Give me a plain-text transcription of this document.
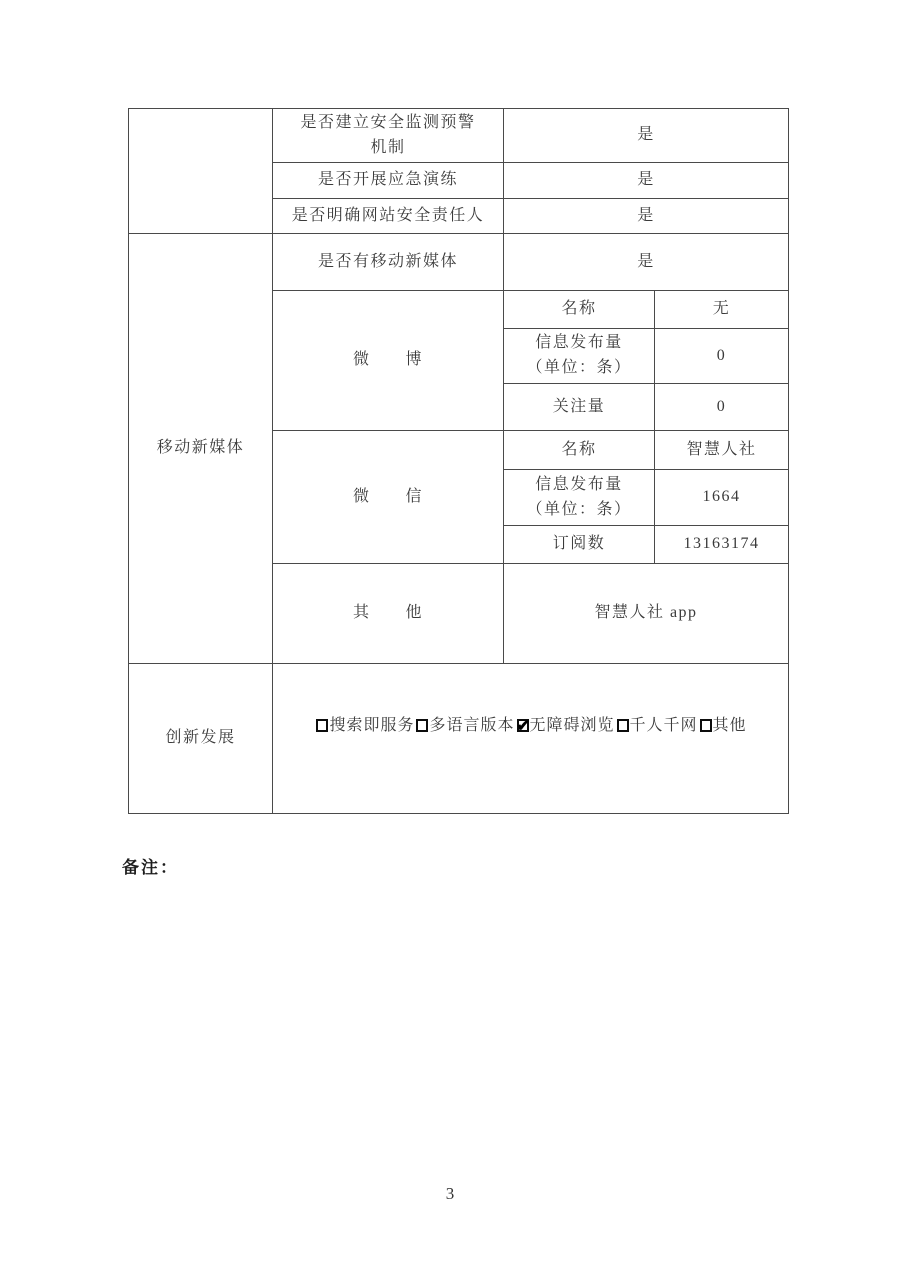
	是否建立安全监测预警
机制	是	
	是否开展应急演练	是	
	是否明确网站安全责任人	是	
移动新媒体	是否有移动新媒体	是	
	微　　博	名称	无

		信息发布量
（单位：条）	0
		关注量	0
	微　　信	名称	智慧人社

		信息发布量
（单位：条）	1664
		订阅数	13163174
	其　　他	智慧人社 app	
创新发展	搜索即服务 多语言版本 ✔ 无障碍浏览 千人千网 其他
备注：
3
